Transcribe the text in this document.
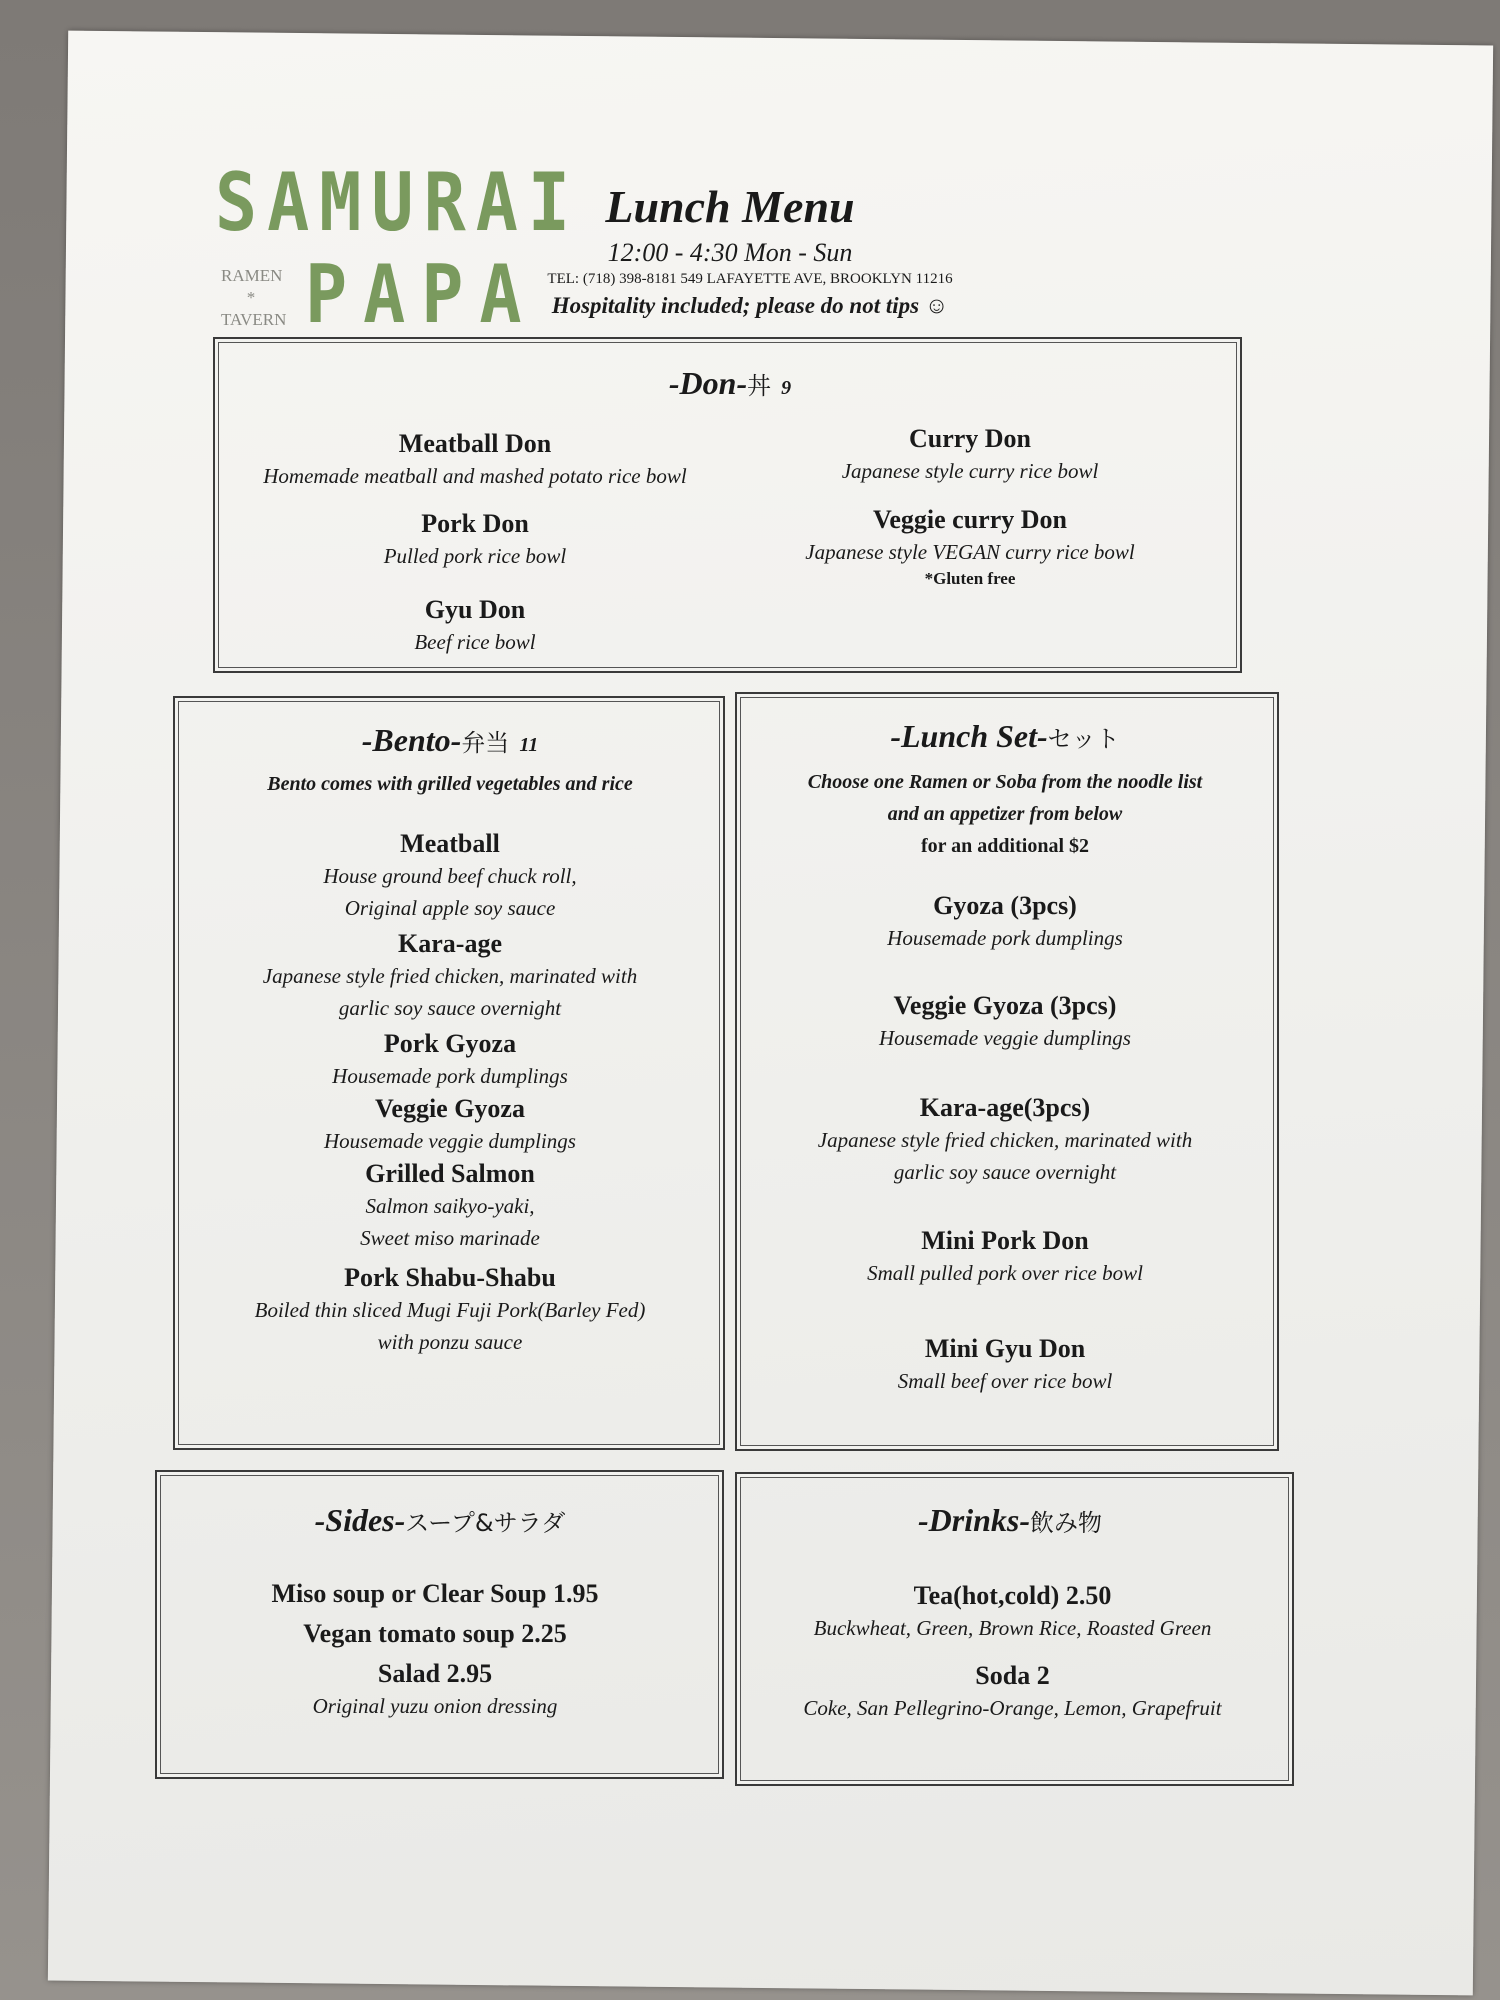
SAMURAI
RAMEN
*
TAVERN PAPA
Lunch Menu
12:00 - 4:30 Mon - Sun
TEL: (718) 398-8181 549 LAFAYETTE AVE, BROOKLYN 11216
Hospitality included; please do not tips ☺
-Don-丼 9
Meatball Don
Homemade meatball and mashed potato rice bowl
Pork Don
Pulled pork rice bowl
Gyu Don
Beef rice bowl
Curry Don
Japanese style curry rice bowl
Veggie curry Don
Japanese style VEGAN curry rice bowl
*Gluten free
-Bento-弁当 11
Bento comes with grilled vegetables and rice
Meatball
House ground beef chuck roll,
Original apple soy sauce
Kara-age
Japanese style fried chicken, marinated with
garlic soy sauce overnight
Pork Gyoza
Housemade pork dumplings
Veggie Gyoza
Housemade veggie dumplings
Grilled Salmon
Salmon saikyo-yaki,
Sweet miso marinade
Pork Shabu-Shabu
Boiled thin sliced Mugi Fuji Pork(Barley Fed)
with ponzu sauce
-Lunch Set-セット
Choose one Ramen or Soba from the noodle list
and an appetizer from below
for an additional $2
Gyoza (3pcs)
Housemade pork dumplings
Veggie Gyoza (3pcs)
Housemade veggie dumplings
Kara-age(3pcs)
Japanese style fried chicken, marinated with
garlic soy sauce overnight
Mini Pork Don
Small pulled pork over rice bowl
Mini Gyu Don
Small beef over rice bowl
-Sides-スープ&サラダ
Miso soup or Clear Soup 1.95
Vegan tomato soup 2.25
Salad 2.95
Original yuzu onion dressing
-Drinks-飲み物
Tea(hot,cold) 2.50
Buckwheat, Green, Brown Rice, Roasted Green
Soda 2
Coke, San Pellegrino-Orange, Lemon, Grapefruit
